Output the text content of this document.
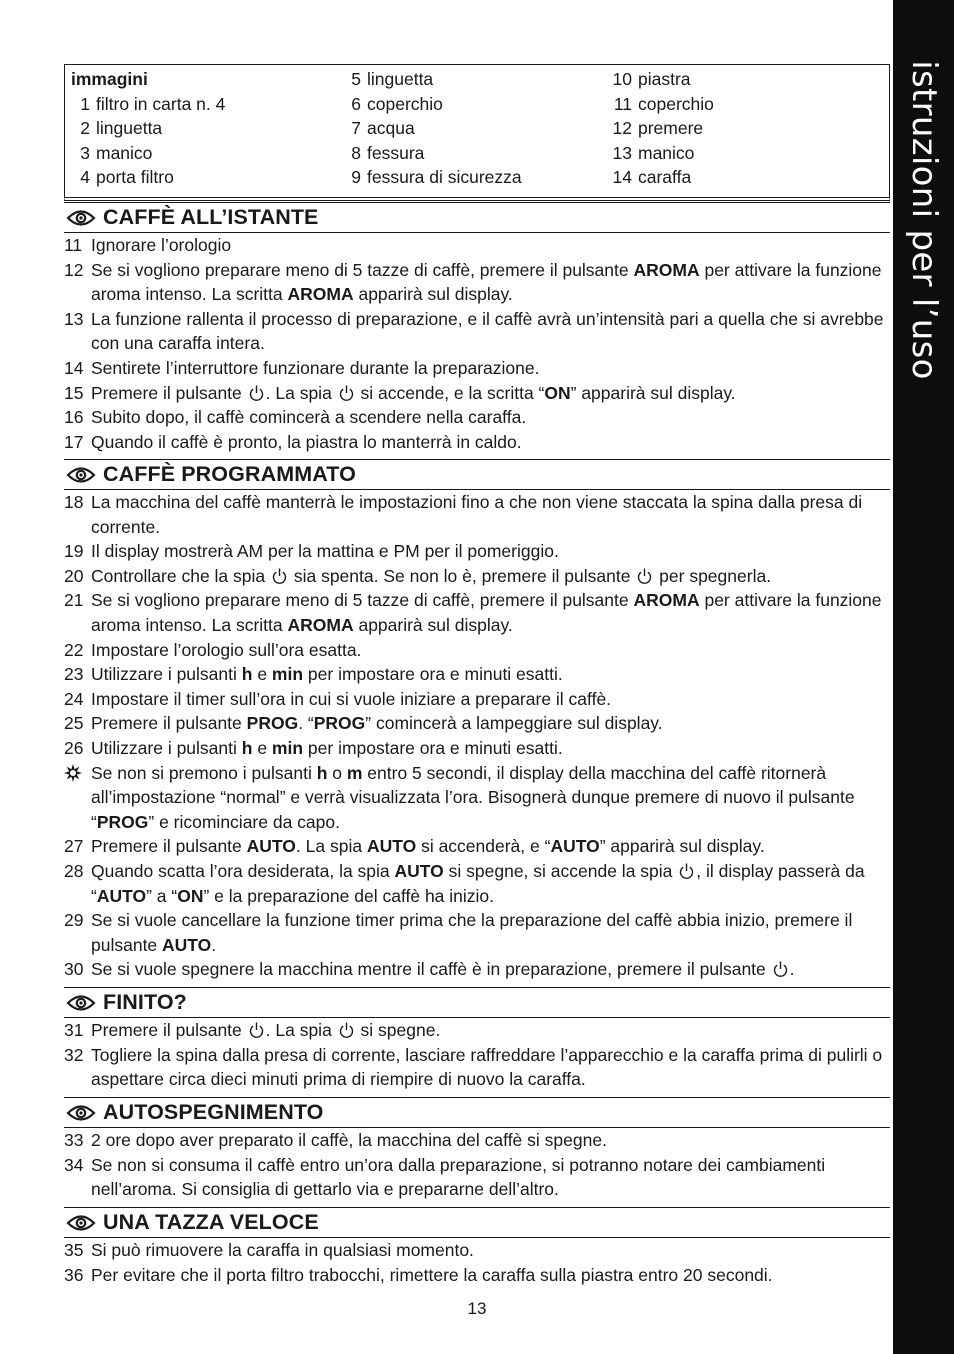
istruzioni per l’uso
immagini
1 filtro in carta n. 4
2 linguetta
3 manico
4 porta filtro
5 linguetta
6 coperchio
7 acqua
8 fessura
9 fessura di sicurezza
10 piastra
11 coperchio
12 premere
13 manico
14 caraffa
CAFFÈ ALL’ISTANTE
11 Ignorare l’orologio
12 Se si vogliono preparare meno di 5 tazze di caffè, premere il pulsante AROMA per attivare la funzione aroma intenso. La scritta AROMA apparirà sul display.
13 La funzione rallenta il processo di preparazione, e il caffè avrà un’intensità pari a quella che si avrebbe con una caraffa intera.
14 Sentirete l’interruttore funzionare durante la preparazione.
15 Premere il pulsante . La spia  si accende, e la scritta “ON” apparirà sul display.
16 Subito dopo, il caffè comincerà a scendere nella caraffa.
17 Quando il caffè è pronto, la piastra lo manterrà in caldo.
CAFFÈ PROGRAMMATO
18 La macchina del caffè manterrà le impostazioni fino a che non viene staccata la spina dalla presa di corrente.
19 Il display mostrerà AM per la mattina e PM per il pomeriggio.
20 Controllare che la spia  sia spenta. Se non lo è, premere il pulsante  per spegnerla.
21 Se si vogliono preparare meno di 5 tazze di caffè, premere il pulsante AROMA per attivare la funzione aroma intenso. La scritta AROMA apparirà sul display.
22 Impostare l’orologio sull’ora esatta.
23 Utilizzare i pulsanti h e min per impostare ora e minuti esatti.
24 Impostare il timer sull’ora in cui si vuole iniziare a preparare il caffè.
25 Premere il pulsante PROG. “PROG” comincerà a lampeggiare sul display.
26 Utilizzare i pulsanti h e min per impostare ora e minuti esatti.
Se non si premono i pulsanti h o m entro 5 secondi, il display della macchina del caffè ritornerà all’impostazione “normal” e verrà visualizzata l’ora. Bisognerà dunque premere di nuovo il pulsante “PROG” e ricominciare da capo.
27 Premere il pulsante AUTO. La spia AUTO si accenderà, e “AUTO” apparirà sul display.
28 Quando scatta l’ora desiderata, la spia AUTO si spegne, si accende la spia , il display passerà da “AUTO” a “ON” e la preparazione del caffè ha inizio.
29 Se si vuole cancellare la funzione timer prima che la preparazione del caffè abbia inizio, premere il pulsante AUTO.
30 Se si vuole spegnere la macchina mentre il caffè è in preparazione, premere il pulsante .
FINITO?
31 Premere il pulsante . La spia  si spegne.
32 Togliere la spina dalla presa di corrente, lasciare raffreddare l’apparecchio e la caraffa prima di pulirli o aspettare circa dieci minuti prima di riempire di nuovo la caraffa.
AUTOSPEGNIMENTO
33 2 ore dopo aver preparato il caffè, la macchina del caffè si spegne.
34 Se non si consuma il caffè entro un’ora dalla preparazione, si potranno notare dei cambiamenti nell’aroma. Si consiglia di gettarlo via e prepararne dell’altro.
UNA TAZZA VELOCE
35 Si può rimuovere la caraffa in qualsiasi momento.
36 Per evitare che il porta filtro trabocchi, rimettere la caraffa sulla piastra entro 20 secondi.
13
